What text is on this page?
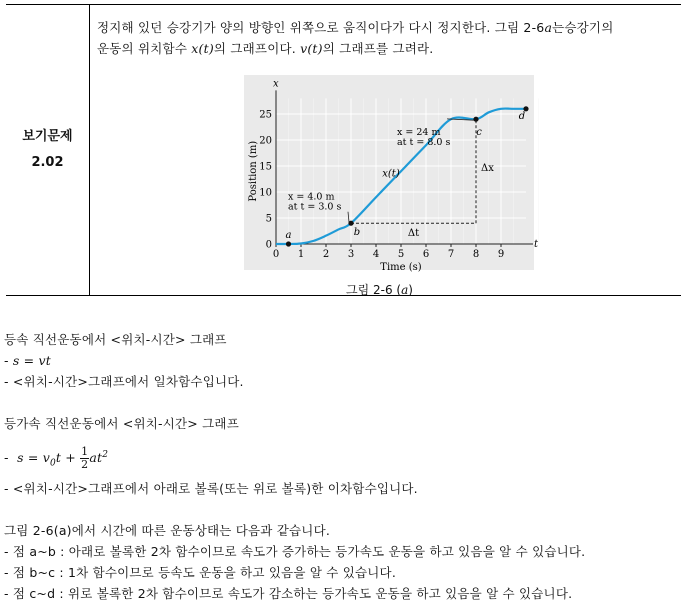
보기문제
2.02
정지해 있던 승강기가 양의 방향인 위쪽으로 움직이다가 다시 정지한다. 그림 2-6a는승강기의
운동의 위치함수 x(t)의 그래프이다. v(t)의 그래프를 그려라.
t
x
0 1 2 3 4 5 6 7 8 9
0
5
10
15
20
25
Time (s)
Position (m)
Δt
Δx
a	b
c
d
x = 4.0 m
at t = 3.0 s
x = 24 m
at t = 8.0 s
x(t)
그림 2-6 (a)
등속 직선운동에서 <위치-시간> 그래프
- s = vt
- <위치-시간>그래프에서 일차함수입니다.
등가속 직선운동에서 <위치-시간> 그래프
-  $s = v_0t + \frac{1}{2} at^2$
- <위치-시간>그래프에서 아래로 볼록(또는 위로 볼록)한 이차함수입니다.
그림 2-6(a)에서 시간에 따른 운동상태는 다음과 같습니다.
- 점 a~b : 아래로 볼록한 2차 함수이므로 속도가 증가하는 등가속도 운동을 하고 있음을 알 수 있습니다.
- 점 b~c : 1차 함수이므로 등속도 운동을 하고 있음을 알 수 있습니다.
- 점 c~d : 위로 볼록한 2차 함수이므로 속도가 감소하는 등가속도 운동을 하고 있음을 알 수 있습니다.
